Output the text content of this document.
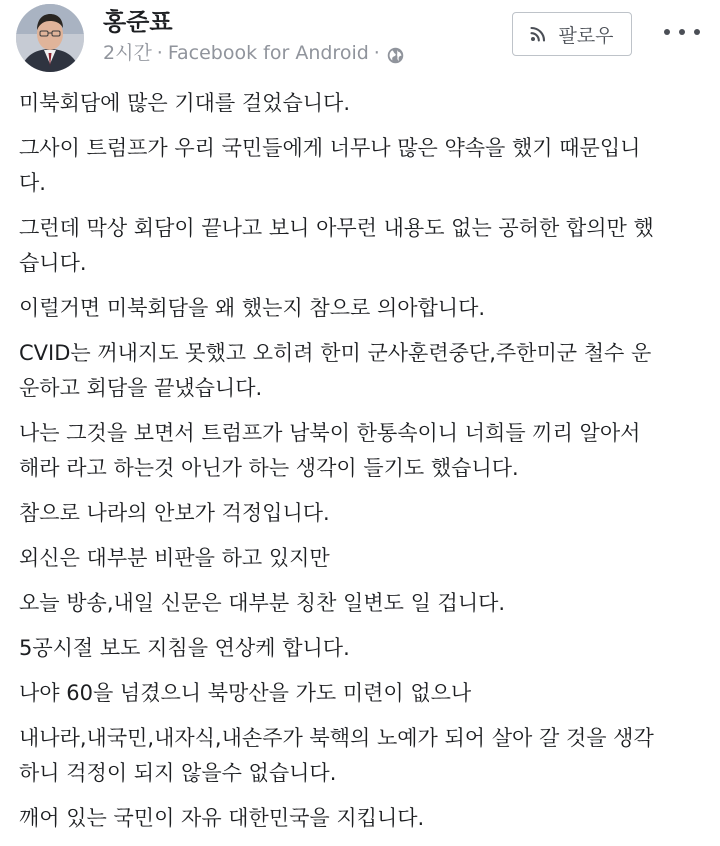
홍준표
2시간 · Facebook for Android ·
팔로우
미북회담에 많은 기대를 걸었습니다.
그사이 트럼프가 우리 국민들에게 너무나 많은 약속을 했기 때문입니
다.
그런데 막상 회담이 끝나고 보니 아무런 내용도 없는 공허한 합의만 했
습니다.
이럴거면 미북회담을 왜 했는지 참으로 의아합니다.
CVID는 꺼내지도 못했고 오히려 한미 군사훈련중단,주한미군 철수 운
운하고 회담을 끝냈습니다.
나는 그것을 보면서 트럼프가 남북이 한통속이니 너희들 끼리 알아서
해라 라고 하는것 아닌가 하는 생각이 들기도 했습니다.
참으로 나라의 안보가 걱정입니다.
외신은 대부분 비판을 하고 있지만
오늘 방송,내일 신문은 대부분 칭찬 일변도 일 겁니다.
5공시절 보도 지침을 연상케 합니다.
나야 60을 넘겼으니 북망산을 가도 미련이 없으나
내나라,내국민,내자식,내손주가 북핵의 노예가 되어 살아 갈 것을 생각
하니 걱정이 되지 않을수 없습니다.
깨어 있는 국민이 자유 대한민국을 지킵니다.
